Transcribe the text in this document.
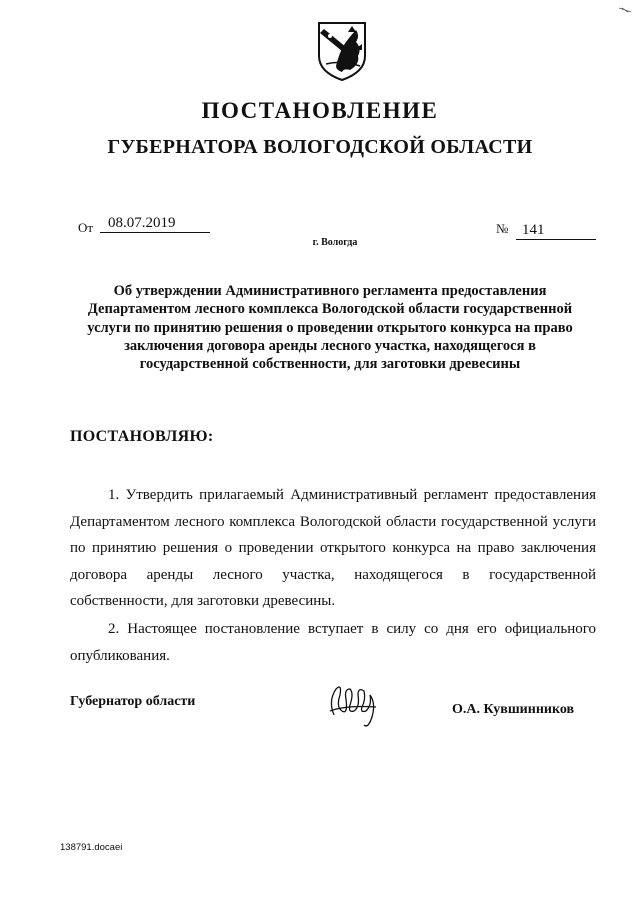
ПОСТАНОВЛЕНИЕ
ГУБЕРНАТОРА ВОЛОГОДСКОЙ ОБЛАСТИ
От 08.07.2019
г. Вологда
№ 141
Об утверждении Административного регламента предоставления Департаментом лесного комплекса Вологодской области государственной услуги по принятию решения о проведении открытого конкурса на право заключения договора аренды лесного участка, находящегося в государственной собственности, для заготовки древесины
ПОСТАНОВЛЯЮ:
1. Утвердить прилагаемый Административный регламент предоставления Департаментом лесного комплекса Вологодской области государственной услуги по принятию решения о проведении открытого конкурса на право заключения договора аренды лесного участка, находящегося в государственной собственности, для заготовки древесины.
2. Настоящее постановление вступает в силу со дня его официального опубликования.
Губернатор области
О.А. Кувшинников
138791.docaei
